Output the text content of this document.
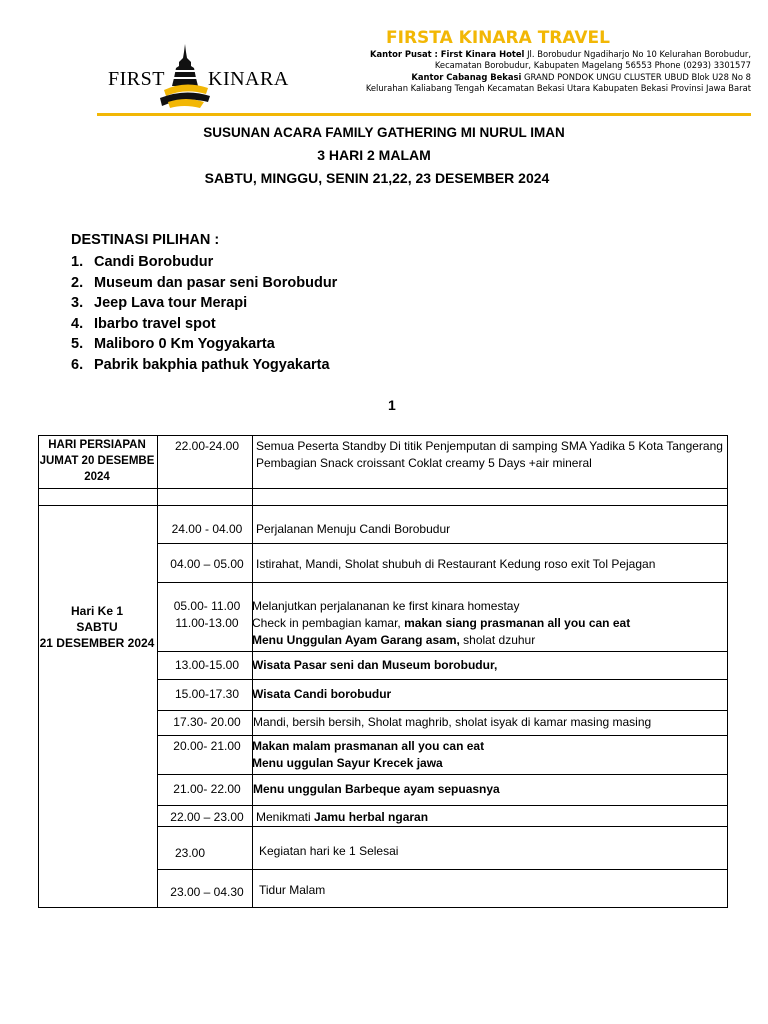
FIRST KINARA
FIRSTA KINARA TRAVEL
Kantor Pusat : First Kinara Hotel Jl. Borobudur Ngadiharjo No 10 Kelurahan Borobudur,
Kecamatan Borobudur, Kabupaten Magelang 56553 Phone (0293) 3301577
Kantor Cabanag Bekasi GRAND PONDOK UNGU CLUSTER UBUD Blok U28 No 8
Kelurahan Kaliabang Tengah Kecamatan Bekasi Utara Kabupaten Bekasi Provinsi Jawa Barat
SUSUNAN ACARA FAMILY GATHERING MI NURUL IMAN
3 HARI 2 MALAM
SABTU, MINGGU, SENIN 21,22, 23 DESEMBER 2024
DESTINASI PILIHAN :
1. Candi Borobudur
2. Museum dan pasar seni Borobudur
3. Jeep Lava tour Merapi
4. Ibarbo travel spot
5. Maliboro 0 Km Yogyakarta
6. Pabrik bakphia pathuk Yogyakarta
1
HARI PERSIAPAN
JUMAT 20 DESEMBE
2024
22.00-24.00	Semua Peserta Standby Di titik Penjemputan di samping SMA Yadika 5 Kota Tangerang
Pembagian Snack croissant Coklat creamy 5 Days +air mineral
Hari Ke 1
SABTU
21 DESEMBER 2024
24.00 - 04.00	Perjalanan Menuju Candi Borobudur
04.00 – 05.00	Istirahat, Mandi, Sholat shubuh di Restaurant Kedung roso exit Tol Pejagan
05.00- 11.00 Melanjutkan perjalananan ke first kinara homestay
11.00-13.00	Check in pembagian kamar, makan siang prasmanan all you can eat
Menu Unggulan Ayam Garang asam, sholat dzuhur
13.00-15.00	Wisata Pasar seni dan Museum borobudur,
15.00-17.30	Wisata Candi borobudur
17.30- 20.00	Mandi, bersih bersih, Sholat maghrib, sholat isyak di kamar masing masing
20.00- 21.00 Makan malam prasmanan all you can eat
Menu uggulan Sayur Krecek jawa
21.00- 22.00	Menu unggulan Barbeque ayam sepuasnya
22.00 – 23.00	Menikmati Jamu herbal ngaran
23.00	Kegiatan hari ke 1 Selesai
23.00 – 04.30	Tidur Malam
